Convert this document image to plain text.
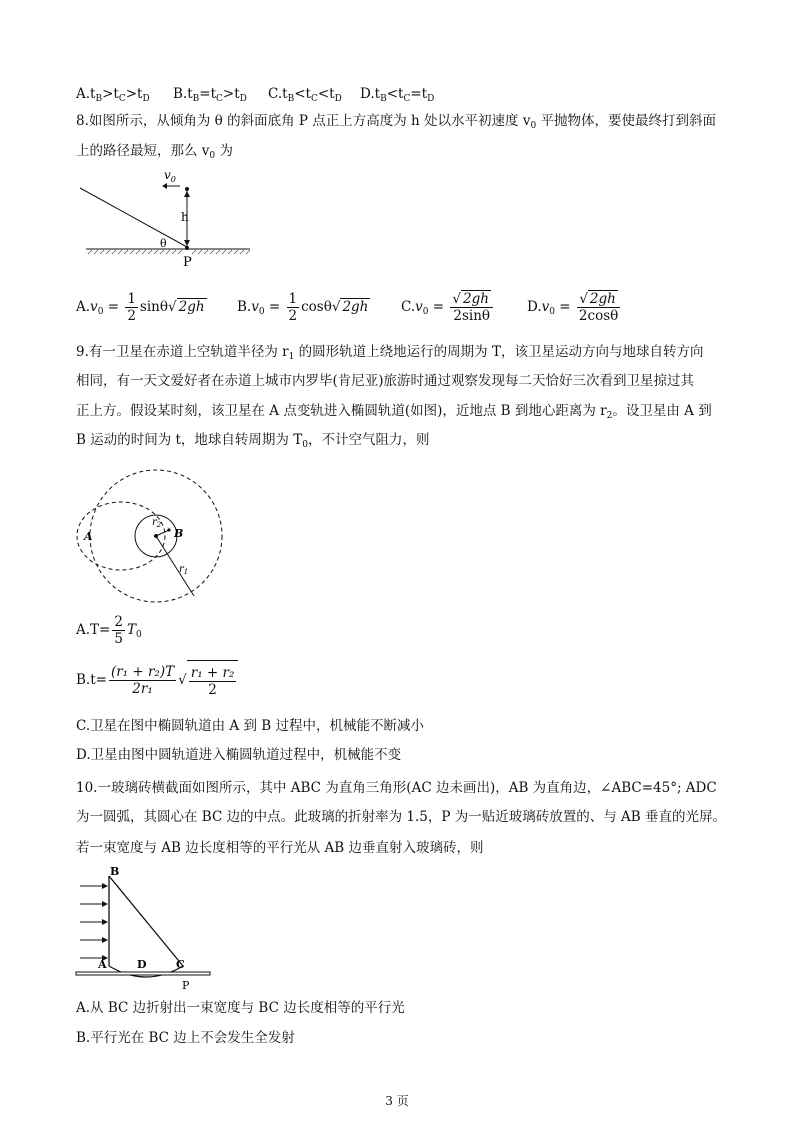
$A.t_B>t_C>t_D$ $B.t_B=t_C>t_D$ $C.t_B<t_C<t_D$ $D.t_B<t_C=t_D$
8.如图所示，从倾角为 θ 的斜面底角 P 点正上方高度为 h 处以水平初速度 $v_0$ 平抛物体，要使最终打到斜面
上的路径最短，那么 $v_0$ 为
$v_0$
h
θ
P
$A.v_0 = \frac{1}{2} \sin\theta√$ 2gh $B.v_0 = \frac{1}{2} \cos\theta√$ 2gh $C.v_0 = \frac{√ 2gh}{2\sin\theta}$	$D.v_0 = \frac{√ 2gh}{2\cos\theta}$
9.有一卫星在赤道上空轨道半径为 $r_1$ 的圆形轨道上绕地运行的周期为 T，该卫星运动方向与地球自转方向
相同，有一天文爱好者在赤道上城市内罗毕(肯尼亚)旅游时通过观察发现每二天恰好三次看到卫星掠过其
正上方。假设某时刻，该卫星在 A 点变轨进入椭圆轨道(如图)，近地点 B 到地心距离为 $r_2$。设卫星由 A 到
B 运动的时间为 t，地球自转周期为 $T_0$，不计空气阻力，则
A	B
$r_2$
$r_1$
$A.T= \frac{2}{5} T_0$
$B.t= \frac{\text{(r₁ + r₂)T}}{\text{2r₁}}$ √ $\frac{\text{r₁ + r₂}}{2}$
C.卫星在图中椭圆轨道由 A 到 B 过程中，机械能不断减小
D.卫星由图中圆轨道进入椭圆轨道过程中，机械能不变
10.一玻璃砖横截面如图所示，其中 ABC 为直角三角形(AC 边未画出)，AB 为直角边，∠ABC=45°; ADC
为一圆弧，其圆心在 BC 边的中点。此玻璃的折射率为 1.5，P 为一贴近玻璃砖放置的、与 AB 垂直的光屏。
若一束宽度与 AB 边长度相等的平行光从 AB 边垂直射入玻璃砖，则
B
A	D	C
P
A.从 BC 边折射出一束宽度与 BC 边长度相等的平行光
B.平行光在 BC 边上不会发生全发射
3 页
